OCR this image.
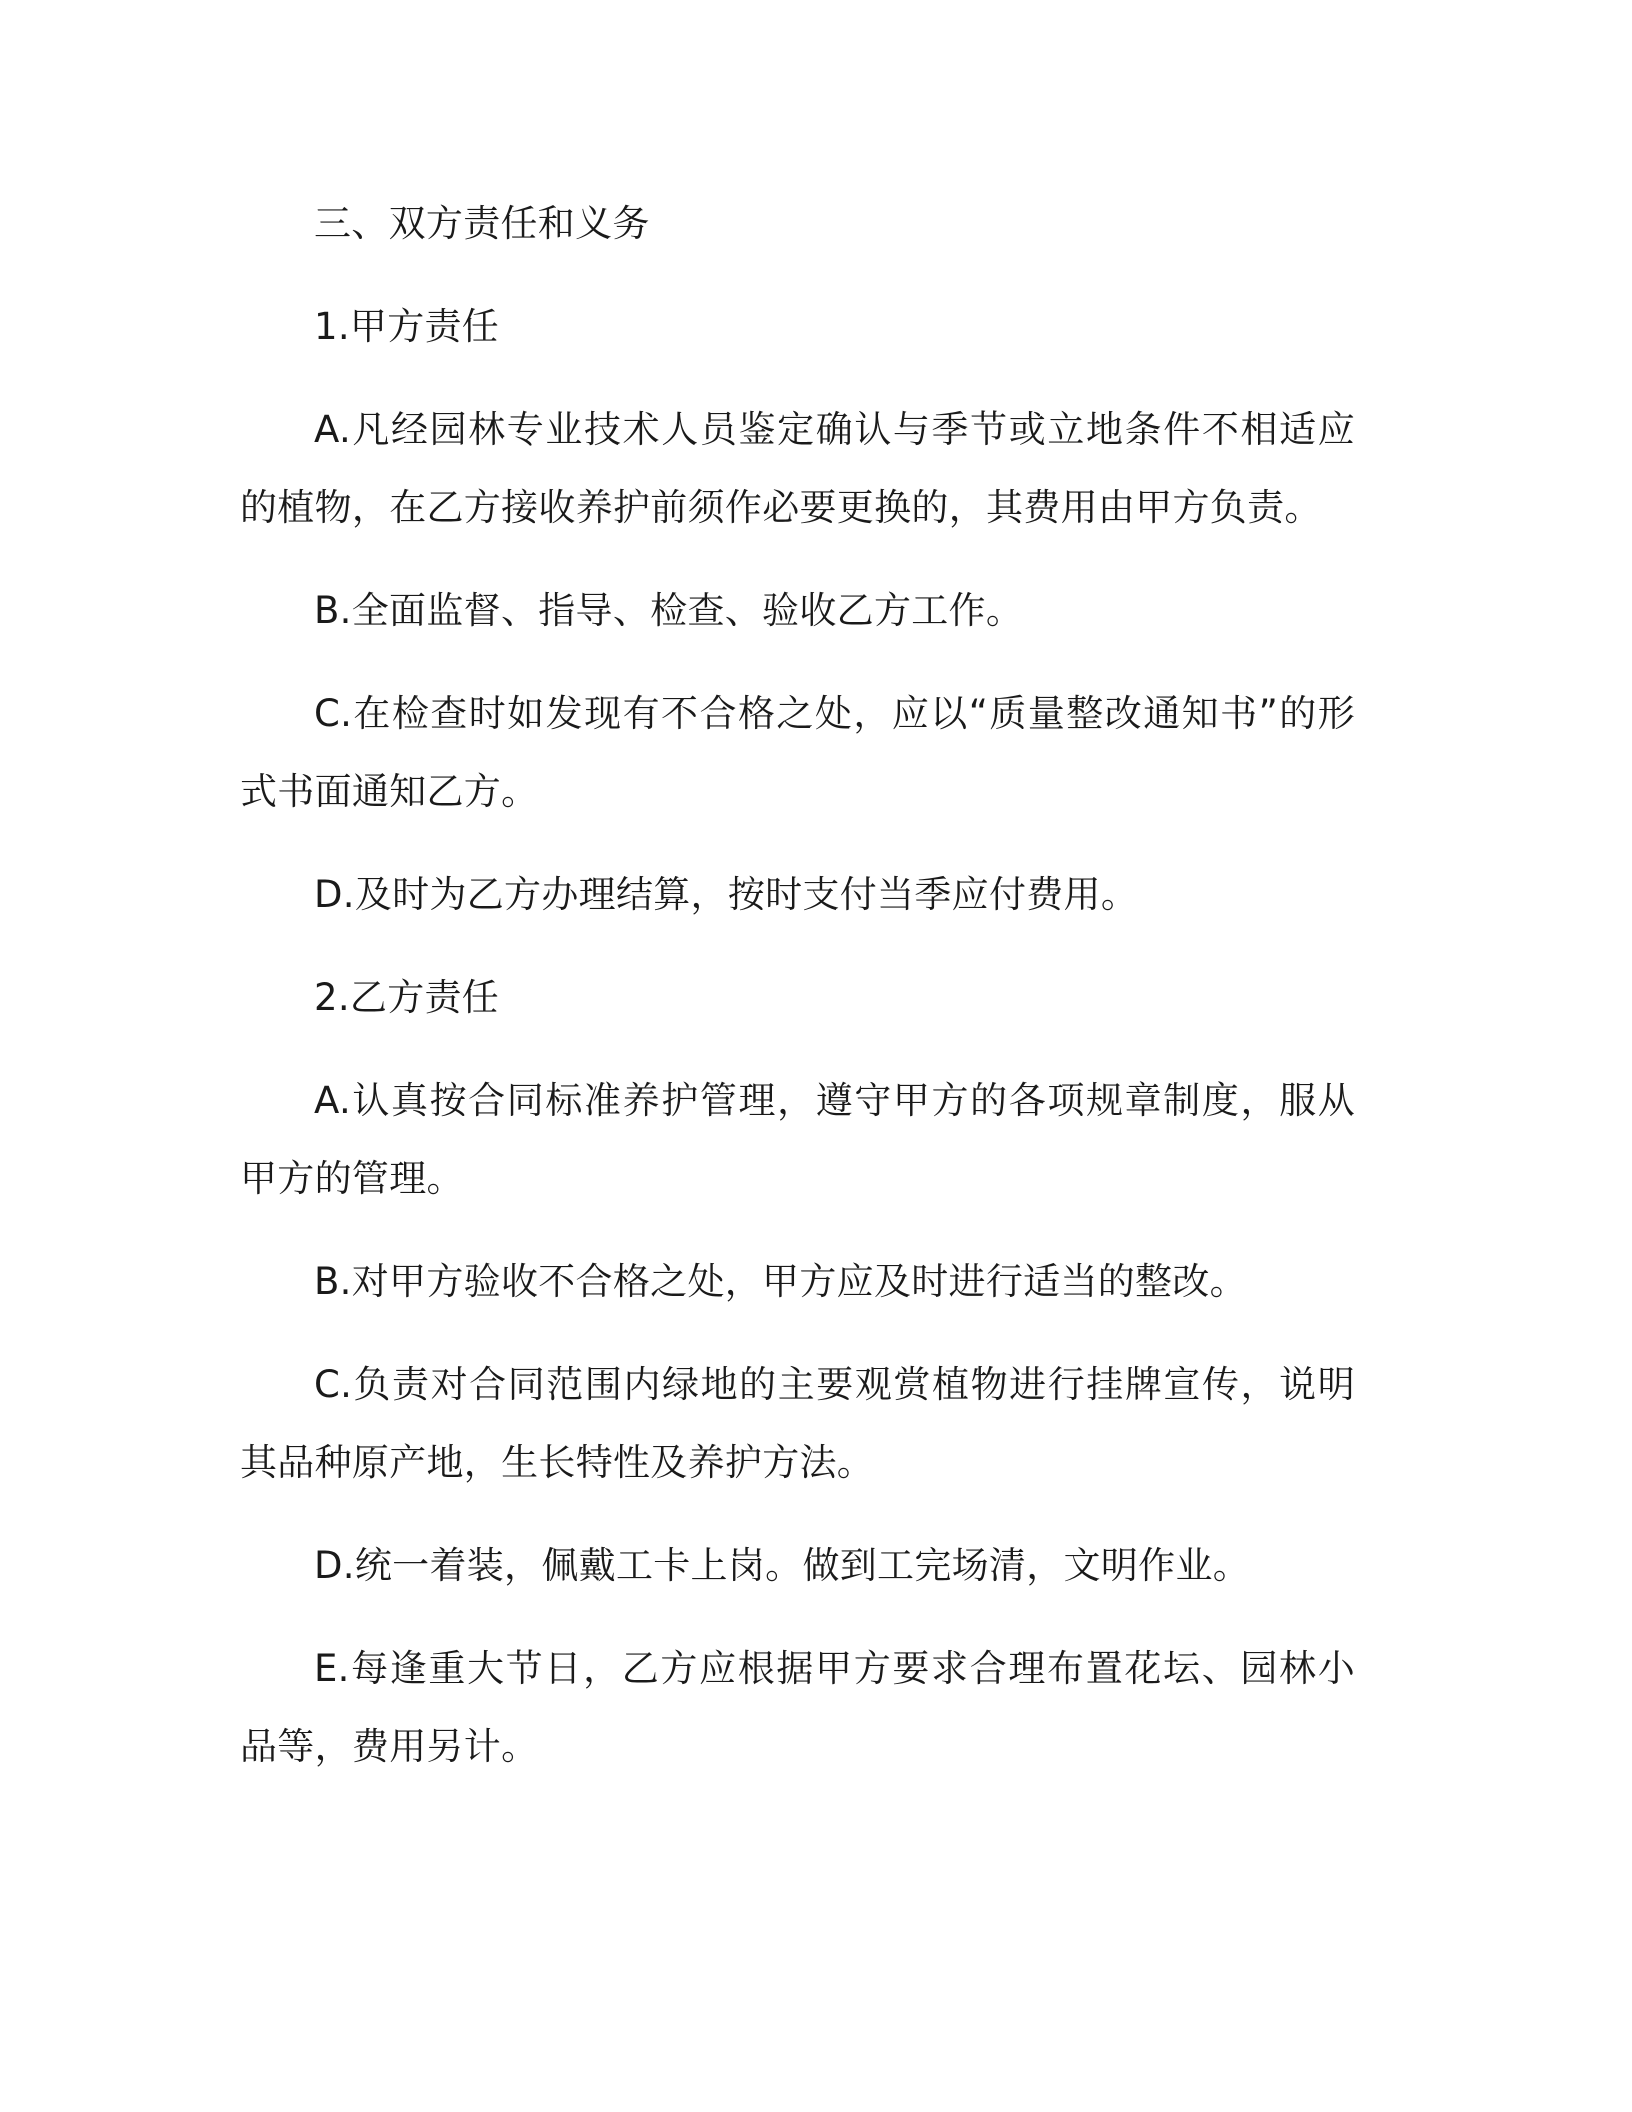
三、双方责任和义务

1.甲方责任

A.凡经园林专业技术人员鉴定确认与季节或立地条件不相适应的植物，在乙方接收养护前须作必要更换的，其费用由甲方负责。

B.全面监督、指导、检查、验收乙方工作。

C.在检查时如发现有不合格之处，应以“质量整改通知书”的形式书面通知乙方。

D.及时为乙方办理结算，按时支付当季应付费用。

2.乙方责任

A.认真按合同标准养护管理，遵守甲方的各项规章制度，服从甲方的管理。

B.对甲方验收不合格之处，甲方应及时进行适当的整改。

C.负责对合同范围内绿地的主要观赏植物进行挂牌宣传，说明其品种原产地，生长特性及养护方法。

D.统一着装，佩戴工卡上岗。做到工完场清，文明作业。

E.每逢重大节日，乙方应根据甲方要求合理布置花坛、园林小品等，费用另计。
